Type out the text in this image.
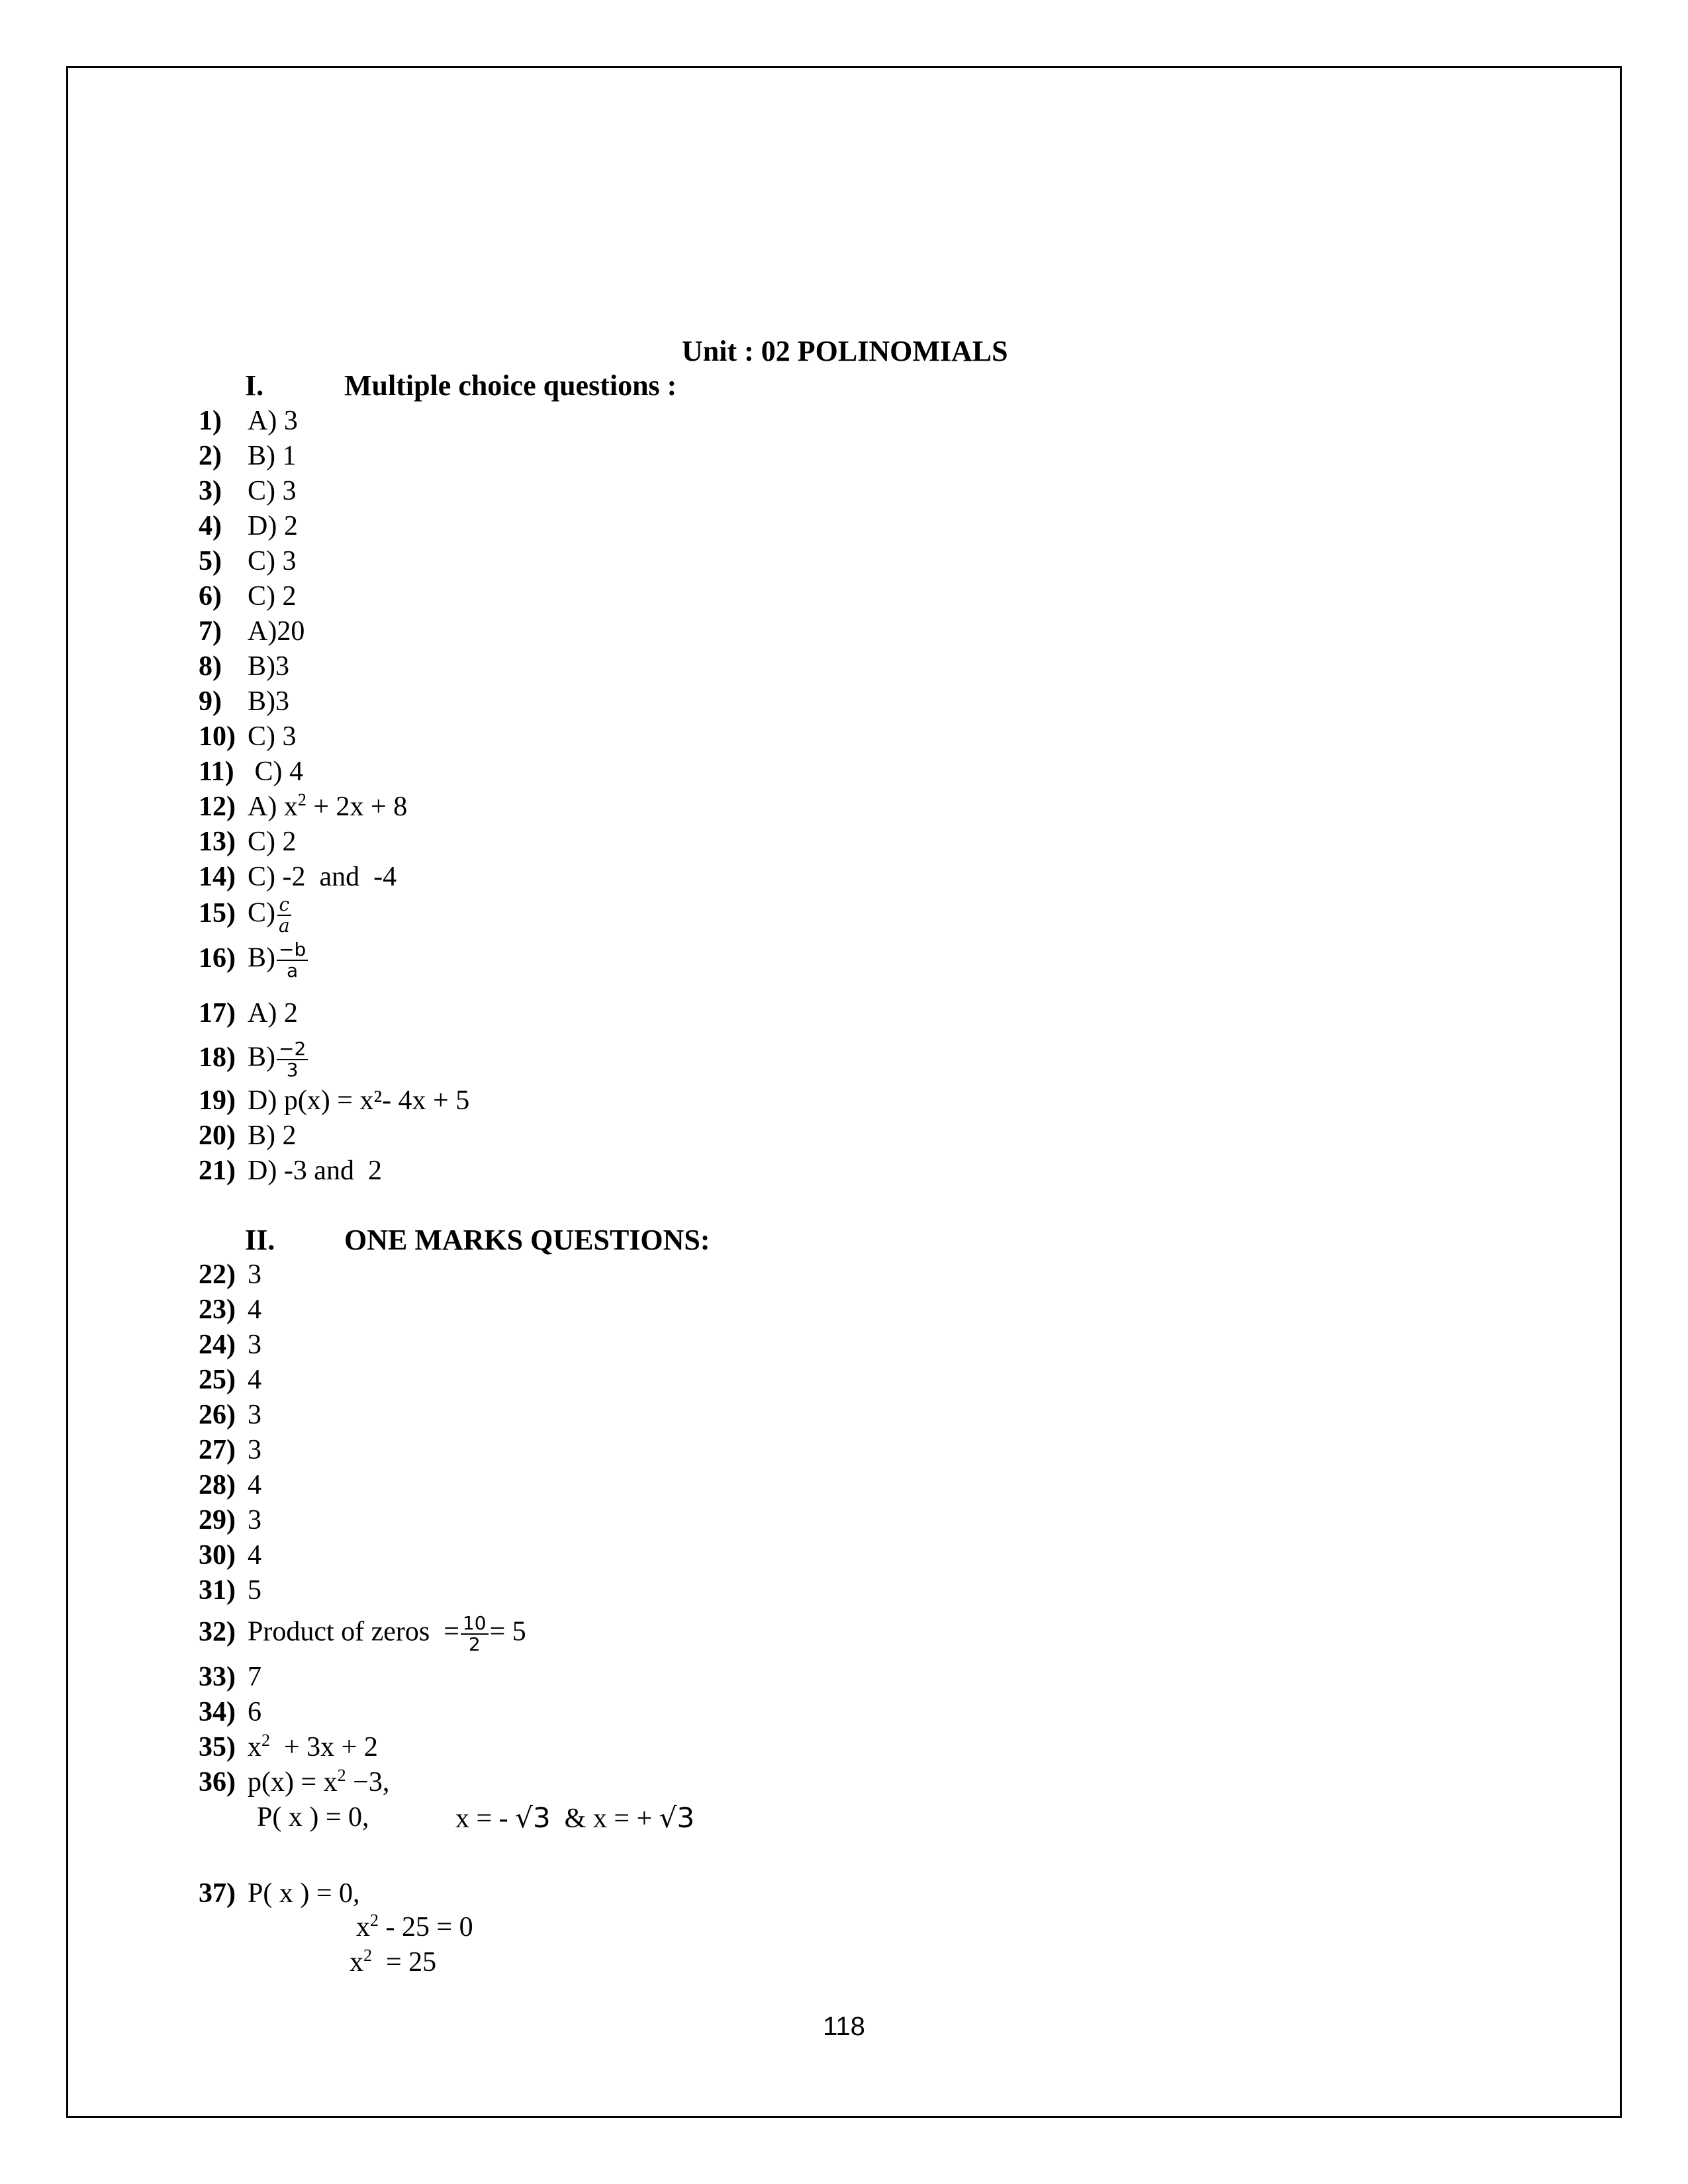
Unit : 02 POLINOMIALS
I.	Multiple choice questions :
1) A) 3
2) B) 1
3) C) 3
4) D) 2
5) C) 3
6) C) 2
7) A)20
8) B)3
9) B)3
10) C) 3
11) C) 4
12) A) $x^2 + 2x + 8$
13) C) 2
14) C) -2  and  -4
15) $C) \frac{c}{a}$
16) $B) \frac{-b}{a}$
17) A) 2
18) $B) \frac{-2}{3}$
19) D) p(x) = x²- 4x + 5
20) B) 2
21) D) -3 and  2
II. ONE MARKS QUESTIONS:
22) 3
23) 4
24) 3
25) 4
26) 3
27) 3
28) 4
29) 3
30) 4
31) 5
32) Product of zeros  = $\frac{10}{2} = 5$
33) 7
34) 6
35) $x^2 + 3x + 2$
36) $p(x) = x^2 -3$,
P( x ) = 0,	x = - √3  & x = + √3
37) P( x ) = 0,
$x^2 - 25 = 0$
$x^2 = 25$
118
